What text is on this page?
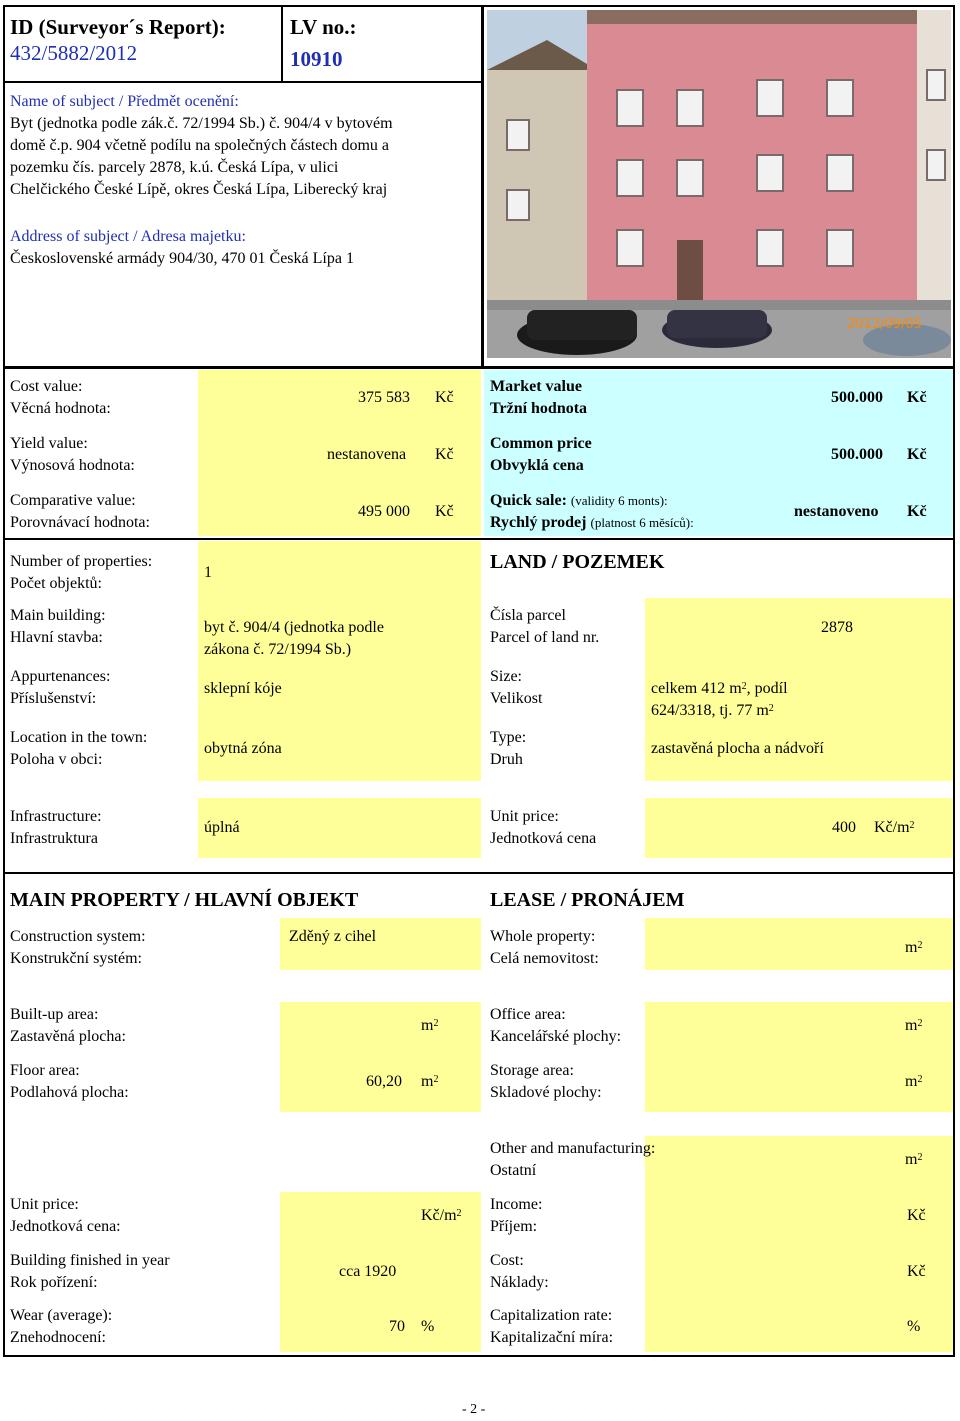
ID (Surveyor´s Report):
432/5882/2012
LV no.:
10910
Name of subject / Předmět ocenění:
Byt (jednotka podle zák.č. 72/1994 Sb.) č. 904/4 v bytovém
domě č.p. 904 včetně podílu na společných částech domu a
pozemku čís. parcely 2878, k.ú. Česká Lípa, v ulici
Chelčického České Lípě, okres Česká Lípa, Liberecký kraj
Address of subject / Adresa majetku:
Československé armády 904/30, 470 01 Česká Lípa 1
2012/09/05
Cost value:
Věcná hodnota:
375 583 Kč
Yield value:
Výnosová hodnota:
nestanovena Kč
Comparative value:
Porovnávací hodnota:
495 000 Kč
Market value
Tržní hodnota
500.000 Kč
Common price
Obvyklá cena
500.000 Kč
Quick sale: (validity 6 monts):
Rychlý prodej (platnost 6 měsíců):
nestanoveno Kč
Number of properties:
Počet objektů:
1
Main building:
Hlavní stavba:
byt č. 904/4 (jednotka podle
zákona č. 72/1994 Sb.)
Appurtenances:
Příslušenství:
sklepní kóje
Location in the town:
Poloha v obci:
obytná zóna
Infrastructure:
Infrastruktura
úplná
LAND / POZEMEK
Čísla parcel
Parcel of land nr.
2878
Size:
Velikost
celkem 412 $m^2$, podíl
624/3318, tj. 77 $m^2$
Type:
Druh
zastavěná plocha a nádvoří
Unit price:
Jednotková cena
400 $Kč/m^2$
MAIN PROPERTY / HLAVNÍ OBJEKT
Construction system:
Konstrukční systém:
Zděný z cihel
Built-up area:
Zastavěná plocha:
$m^2$
Floor area:
Podlahová plocha:
60,20 $m^2$
Unit price:
Jednotková cena:
$Kč/m^2$
Building finished in year
Rok pořízení:
cca 1920
Wear (average):
Znehodnocení:
70 %
LEASE / PRONÁJEM
Whole property:
Celá nemovitost:
$m^2$
Office area:
Kancelářské plochy:
$m^2$
Storage area:
Skladové plochy:
$m^2$
Other and manufacturing:
Ostatní
$m^2$
Income:
Příjem:
Kč
Cost:
Náklady:
Kč
Capitalization rate:
Kapitalizační míra:
%
- 2 -
